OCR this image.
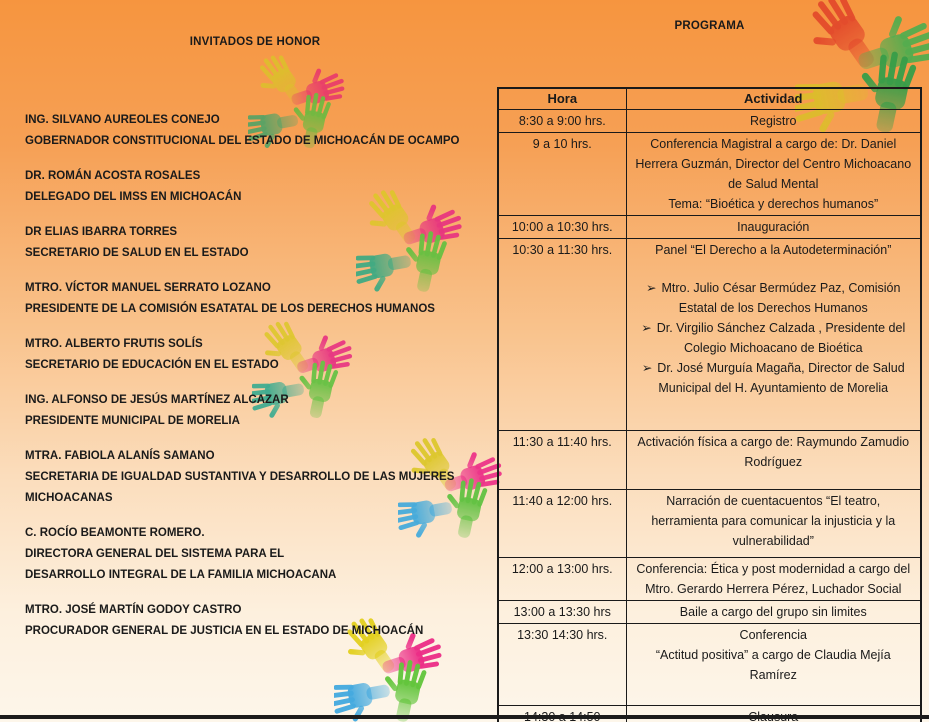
INVITADOS DE HONOR
ING. SILVANO AUREOLES CONEJO
GOBERNADOR CONSTITUCIONAL DEL ESTADO DE MICHOACÁN DE OCAMPO
DR. ROMÁN ACOSTA ROSALES
DELEGADO DEL IMSS EN MICHOACÁN
DR ELIAS IBARRA TORRES
SECRETARIO DE SALUD EN EL ESTADO
MTRO. VÍCTOR MANUEL SERRATO LOZANO
PRESIDENTE DE LA COMISIÓN ESATATAL DE LOS DERECHOS HUMANOS
MTRO. ALBERTO FRUTIS SOLÍS
SECRETARIO DE EDUCACIÓN EN EL ESTADO
ING. ALFONSO DE JESÚS MARTÍNEZ ALCAZAR
PRESIDENTE MUNICIPAL DE MORELIA
MTRA. FABIOLA ALANÍS SAMANO
SECRETARIA DE IGUALDAD SUSTANTIVA Y DESARROLLO DE LAS MUJERES
MICHOACANAS
C. ROCÍO BEAMONTE ROMERO.
DIRECTORA GENERAL DEL SISTEMA PARA EL
DESARROLLO INTEGRAL DE LA FAMILIA MICHOACANA
MTRO. JOSÉ MARTÍN GODOY CASTRO
PROCURADOR GENERAL DE JUSTICIA EN EL ESTADO DE MICHOACÁN
PROGRAMA
Hora	Actividad
8:30 a 9:00 hrs.	Registro

9 a 10 hrs.	Conferencia Magistral a cargo de: Dr. Daniel Herrera Guzmán, Director del Centro Michoacano de Salud Mental
Tema: “Bioética y derechos humanos”

10:00 a 10:30 hrs.	Inauguración

10:30 a 11:30 hrs.	Panel “El Derecho a la Autodeterminación”
➢ Mtro. Julio César Bermúdez Paz, Comisión Estatal de los Derechos Humanos
➢ Dr. Virgilio Sánchez Calzada , Presidente del Colegio Michoacano de Bioética
➢ Dr. José Murguía Magaña, Director de Salud Municipal del H. Ayuntamiento de Morelia

11:30 a 11:40 hrs.	Activación física a cargo de: Raymundo Zamudio Rodríguez

11:40 a 12:00 hrs.	Narración de cuentacuentos “El teatro, herramienta para comunicar la injusticia y la vulnerabilidad”

12:00 a 13:00 hrs.	Conferencia: Ética y post modernidad a cargo del Mtro. Gerardo Herrera Pérez, Luchador Social

13:00 a 13:30 hrs	Baile a cargo del grupo sin limites

13:30 14:30 hrs.	Conferencia
“Actitud positiva” a cargo de Claudia Mejía Ramírez
